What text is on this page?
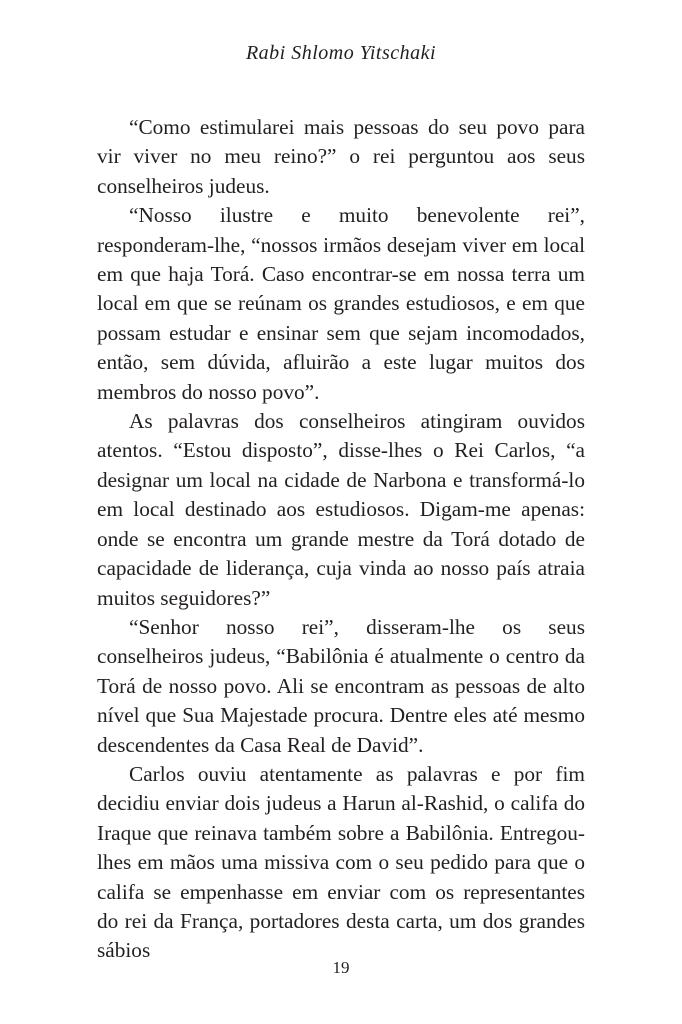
Rabi Shlomo Yitschaki

“Como estimularei mais pessoas do seu povo para vir viver no meu reino?” o rei perguntou aos seus conselheiros judeus.

“Nosso ilustre e muito benevolente rei”, responderam-lhe, “nossos irmãos desejam viver em local em que haja Torá. Caso encontrar-se em nossa terra um local em que se reúnam os grandes estudiosos, e em que possam estudar e ensinar sem que sejam incomodados, então, sem dúvida, afluirão a este lugar muitos dos membros do nosso povo”.

As palavras dos conselheiros atingiram ouvidos atentos. “Estou disposto”, disse-lhes o Rei Carlos, “a designar um local na cidade de Narbona e transformá-lo em local destinado aos estudiosos. Digam-me apenas: onde se encontra um grande mestre da Torá dotado de capacidade de liderança, cuja vinda ao nosso país atraia muitos seguidores?”

“Senhor nosso rei”, disseram-lhe os seus conselheiros judeus, “Babilônia é atualmente o centro da Torá de nosso povo. Ali se encontram as pessoas de alto nível que Sua Majestade procura. Dentre eles até mesmo descendentes da Casa Real de David”.

Carlos ouviu atentamente as palavras e por fim decidiu enviar dois judeus a Harun al-Rashid, o califa do Iraque que reinava também sobre a Babilônia. Entregou-lhes em mãos uma missiva com o seu pedido para que o califa se empenhasse em enviar com os representantes do rei da França, portadores desta carta, um dos grandes sábios

19
